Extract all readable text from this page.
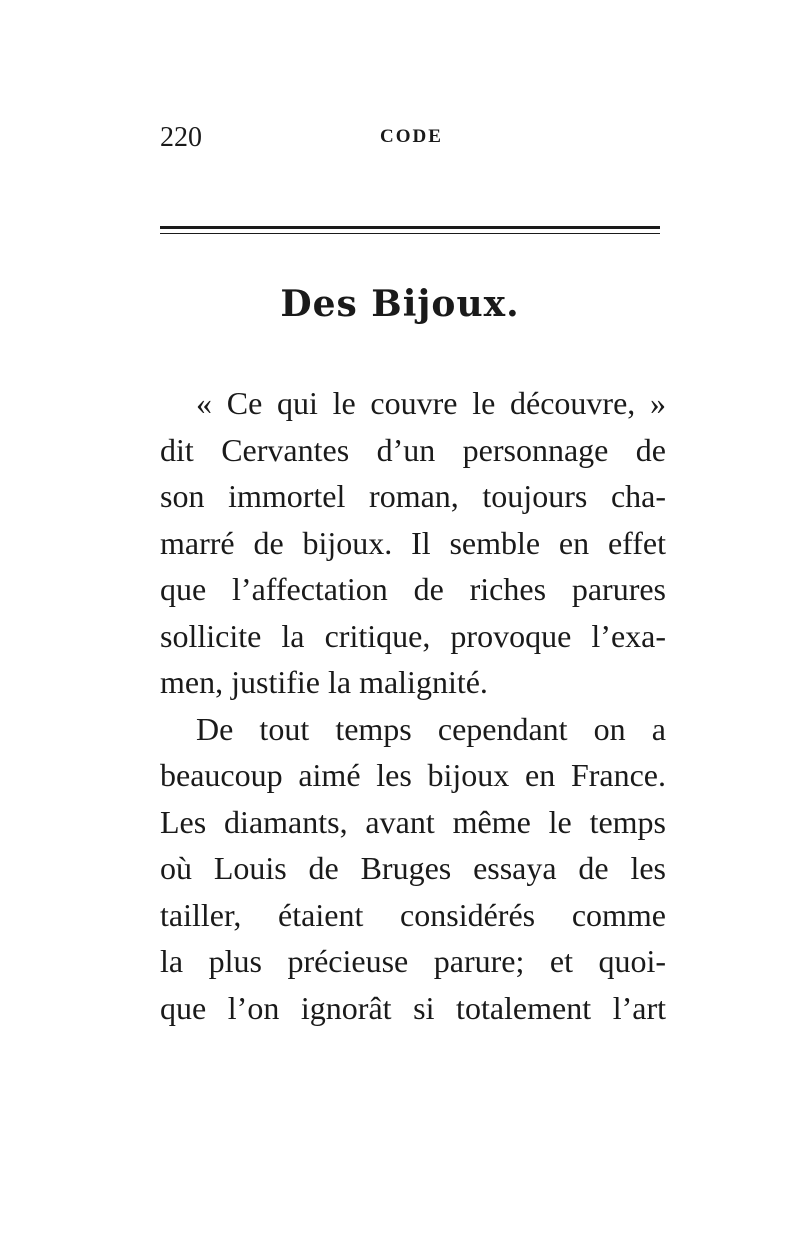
220	CODE
Des Bijoux.
« Ce qui le couvre le découvre, »
dit Cervantes d’un personnage de
son immortel roman, toujours cha-
marré de bijoux. Il semble en effet
que l’affectation de riches parures
sollicite la critique, provoque l’exa-
men, justifie la malignité.
De tout temps cependant on a
beaucoup aimé les bijoux en France.
Les diamants, avant même le temps
où Louis de Bruges essaya de les
tailler, étaient considérés comme
la plus précieuse parure; et quoi-
que l’on ignorât si totalement l’art
